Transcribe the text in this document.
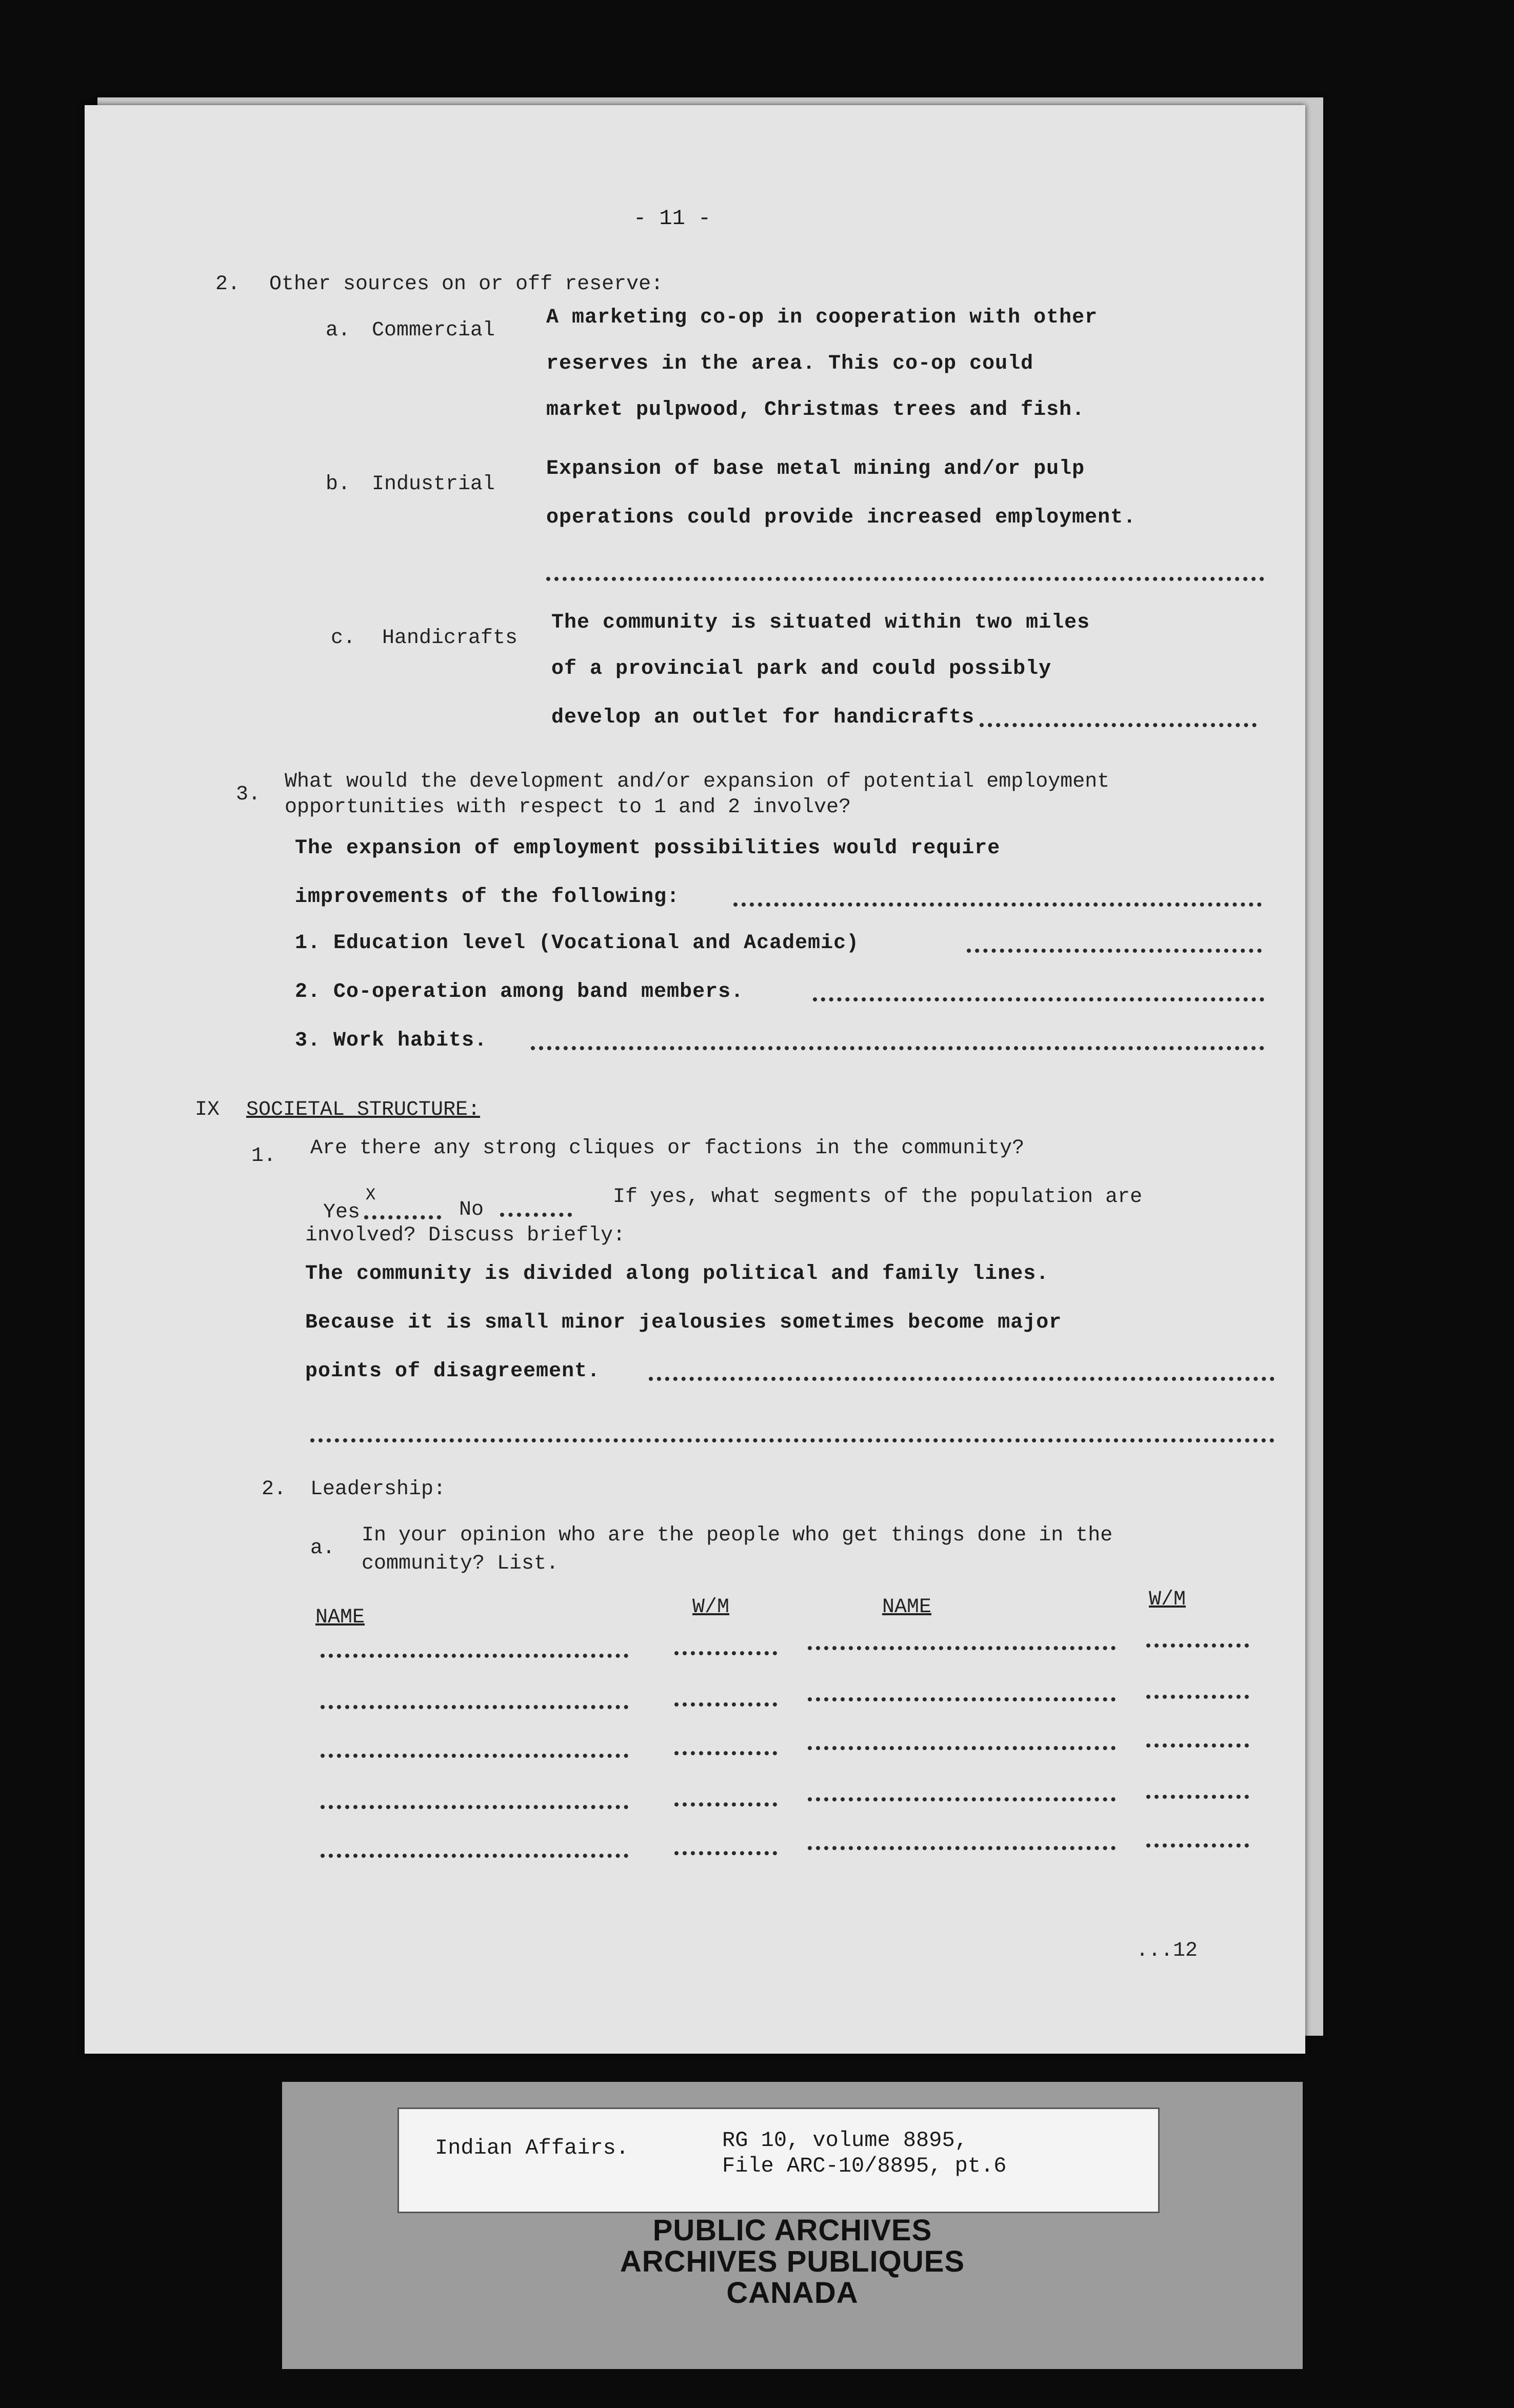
- 11 -
2. Other sources on or off reserve:
a. Commercial
A marketing co-op in cooperation with other
reserves in the area. This co-op could
market pulpwood, Christmas trees and fish.
b. Industrial
Expansion of base metal mining and/or pulp
operations could provide increased employment.
c. Handicrafts
The community is situated within two miles
of a provincial park and could possibly
develop an outlet for handicrafts
3.
What would the development and/or expansion of potential employment
opportunities with respect to 1 and 2 involve?
The expansion of employment possibilities would require
improvements of the following:
1. Education level (Vocational and Academic)
2. Co-operation among band members.
3. Work habits.
IX SOCIETAL STRUCTURE:
1. Are there any strong cliques or factions in the community?
Yes
X
No
If yes, what segments of the population are
involved? Discuss briefly:
The community is divided along political and family lines.
Because it is small minor jealousies sometimes become major
points of disagreement.
2. Leadership:
a.
In your opinion who are the people who get things done in the
community? List.
NAME	W/M	NAME	W/M
...12
Indian Affairs.	RG 10, volume 8895,
File ARC-10/8895, pt.6
PUBLIC ARCHIVES
ARCHIVES PUBLIQUES
CANADA
